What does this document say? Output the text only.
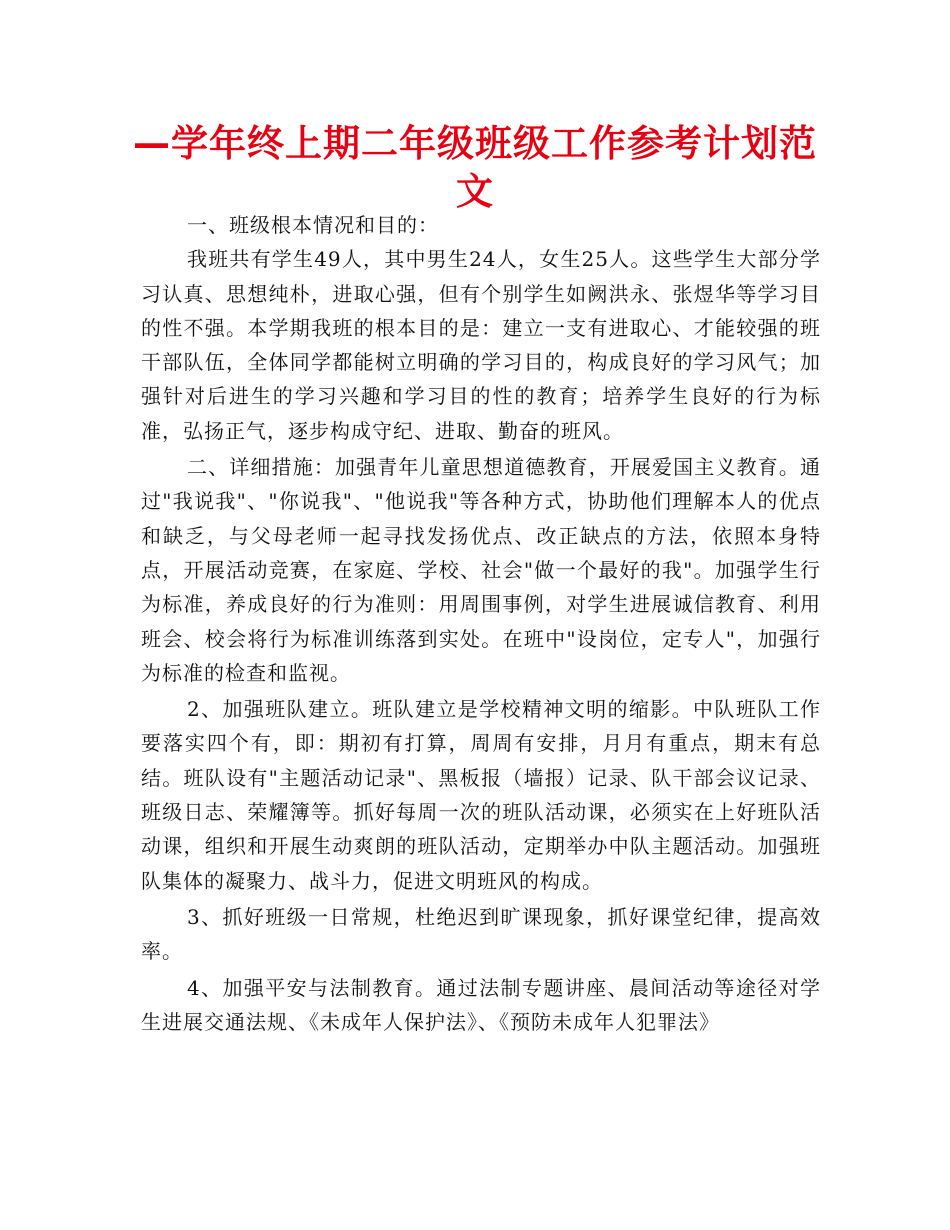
—学年终上期二年级班级工作参考计划范文

一、班级根本情况和目的：

我班共有学生49人，其中男生24人，女生25人。这些学生大部分学习认真、思想纯朴，进取心强，但有个别学生如阙洪永、张煜华等学习目的性不强。本学期我班的根本目的是：建立一支有进取心、才能较强的班干部队伍，全体同学都能树立明确的学习目的，构成良好的学习风气；加强针对后进生的学习兴趣和学习目的性的教育；培养学生良好的行为标准，弘扬正气，逐步构成守纪、进取、勤奋的班风。

二、详细措施：加强青年儿童思想道德教育，开展爱国主义教育。通过"我说我"、"你说我"、"他说我"等各种方式，协助他们理解本人的优点和缺乏，与父母老师一起寻找发扬优点、改正缺点的方法，依照本身特点，开展活动竞赛，在家庭、学校、社会"做一个最好的我"。加强学生行为标准，养成良好的行为准则：用周围事例，对学生进展诚信教育、利用班会、校会将行为标准训练落到实处。在班中"设岗位，定专人"，加强行为标准的检查和监视。

2、加强班队建立。班队建立是学校精神文明的缩影。中队班队工作要落实四个有，即：期初有打算，周周有安排，月月有重点，期末有总结。班队设有"主题活动记录"、黑板报（墙报）记录、队干部会议记录、班级日志、荣耀簿等。抓好每周一次的班队活动课，必须实在上好班队活动课，组织和开展生动爽朗的班队活动，定期举办中队主题活动。加强班队集体的凝聚力、战斗力，促进文明班风的构成。

3、抓好班级一日常规，杜绝迟到旷课现象，抓好课堂纪律，提高效率。

4、加强平安与法制教育。通过法制专题讲座、晨间活动等途径对学生进展交通法规、《未成年人保护法》、《预防未成年人犯罪法》
